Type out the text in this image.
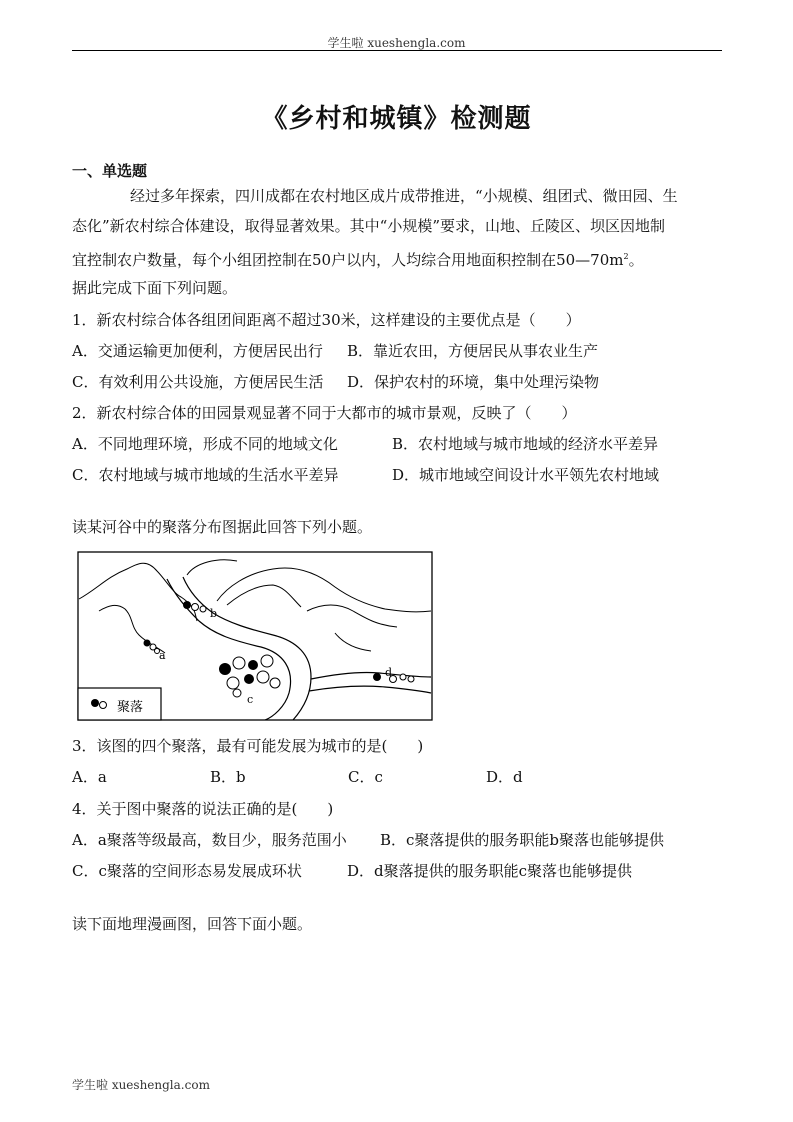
学生啦 xueshengla.com
《乡村和城镇》检测题
一、单选题
经过多年探索，四川成都在农村地区成片成带推进，“小规模、组团式、微田园、生
态化”新农村综合体建设，取得显著效果。其中“小规模”要求，山地、丘陵区、坝区因地制
宜控制农户数量，每个小组团控制在50户以内，人均综合用地面积控制在$50—70m^2$。
据此完成下面下列问题。
1．新农村综合体各组团间距离不超过30米，这样建设的主要优点是（　　）
A．交通运输更加便利，方便居民出行 B．靠近农田，方便居民从事农业生产
C．有效利用公共设施，方便居民生活 D．保护农村的环境，集中处理污染物
2．新农村综合体的田园景观显著不同于大都市的城市景观，反映了（　　）
A．不同地理环境，形成不同的地域文化	B．农村地域与城市地域的经济水平差异
C．农村地域与城市地域的生活水平差异	D．城市地域空间设计水平领先农村地域
读某河谷中的聚落分布图据此回答下列小题。
b
a
c
d
聚落
3．该图的四个聚落，最有可能发展为城市的是(　　)
A．a	B．b	C．c	D．d
4．关于图中聚落的说法正确的是(　　)
A．a聚落等级最高，数目少，服务范围小 B．c聚落提供的服务职能b聚落也能够提供
C．c聚落的空间形态易发展成环状	D．d聚落提供的服务职能c聚落也能够提供
读下面地理漫画图，回答下面小题。
学生啦 xueshengla.com
